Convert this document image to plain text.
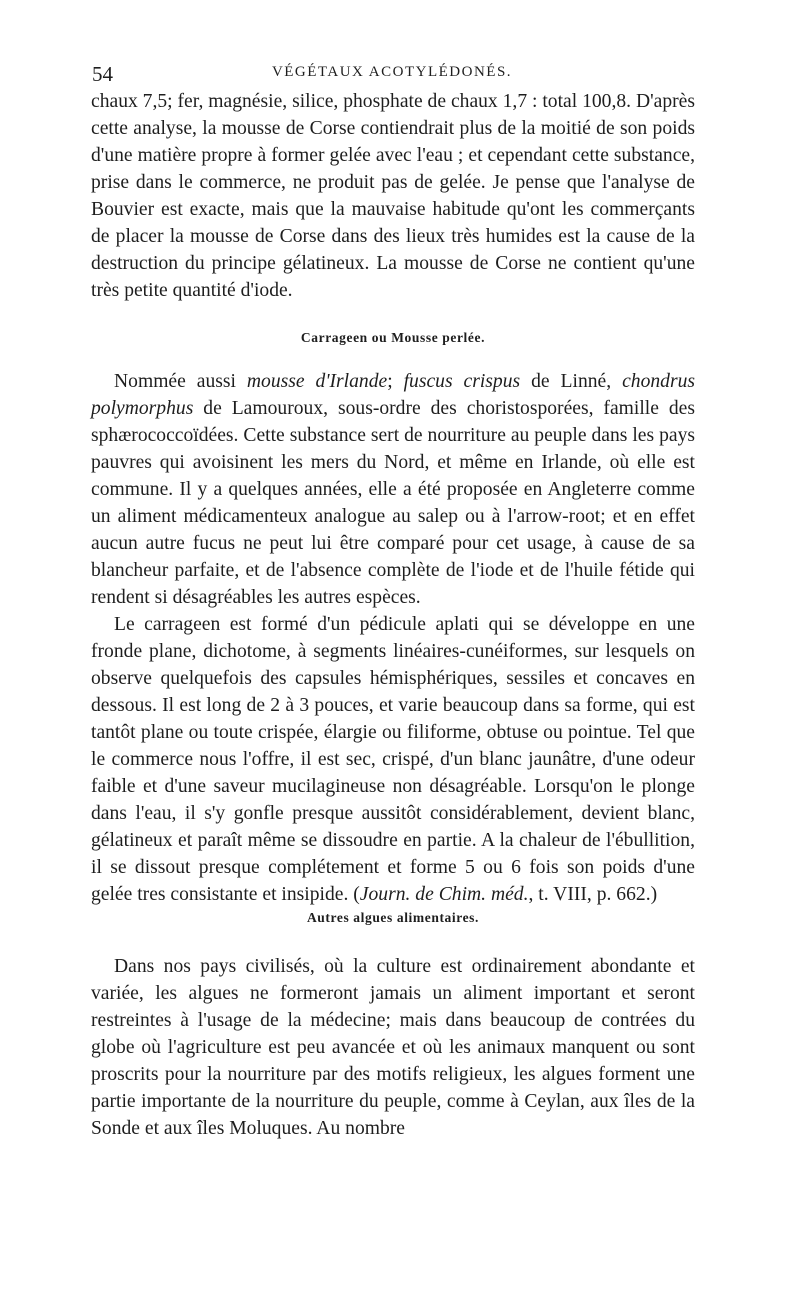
54	VÉGÉTAUX ACOTYLÉDONÉS.

chaux 7,5; fer, magnésie, silice, phosphate de chaux 1,7 : total 100,8. D'après cette analyse, la mousse de Corse contiendrait plus de la moitié de son poids d'une matière propre à former gelée avec l'eau ; et cependant cette substance, prise dans le commerce, ne produit pas de gelée. Je pense que l'analyse de Bouvier est exacte, mais que la mauvaise habitude qu'ont les commerçants de placer la mousse de Corse dans des lieux très humides est la cause de la destruction du principe gélatineux. La mousse de Corse ne contient qu'une très petite quantité d'iode.

Carrageen ou Mousse perlée.

Nommée aussi mousse d'Irlande; fuscus crispus de Linné, chondrus polymorphus de Lamouroux, sous-ordre des choristosporées, famille des sphærococcoïdées. Cette substance sert de nourriture au peuple dans les pays pauvres qui avoisinent les mers du Nord, et même en Irlande, où elle est commune. Il y a quelques années, elle a été proposée en Angleterre comme un aliment médicamenteux analogue au salep ou à l'arrow-root; et en effet aucun autre fucus ne peut lui être comparé pour cet usage, à cause de sa blancheur parfaite, et de l'absence complète de l'iode et de l'huile fétide qui rendent si désagréables les autres espèces.

Le carrageen est formé d'un pédicule aplati qui se développe en une fronde plane, dichotome, à segments linéaires-cunéiformes, sur lesquels on observe quelquefois des capsules hémisphériques, sessiles et concaves en dessous. Il est long de 2 à 3 pouces, et varie beaucoup dans sa forme, qui est tantôt plane ou toute crispée, élargie ou filiforme, obtuse ou pointue. Tel que le commerce nous l'offre, il est sec, crispé, d'un blanc jaunâtre, d'une odeur faible et d'une saveur mucilagineuse non désagréable. Lorsqu'on le plonge dans l'eau, il s'y gonfle presque aussitôt considérablement, devient blanc, gélatineux et paraît même se dissoudre en partie. A la chaleur de l'ébullition, il se dissout presque complétement et forme 5 ou 6 fois son poids d'une gelée tres consistante et insipide. (Journ. de Chim. méd., t. VIII, p. 662.)

Autres algues alimentaires.

Dans nos pays civilisés, où la culture est ordinairement abondante et variée, les algues ne formeront jamais un aliment important et seront restreintes à l'usage de la médecine; mais dans beaucoup de contrées du globe où l'agriculture est peu avancée et où les animaux manquent ou sont proscrits pour la nourriture par des motifs religieux, les algues forment une partie importante de la nourriture du peuple, comme à Ceylan, aux îles de la Sonde et aux îles Moluques. Au nombre
